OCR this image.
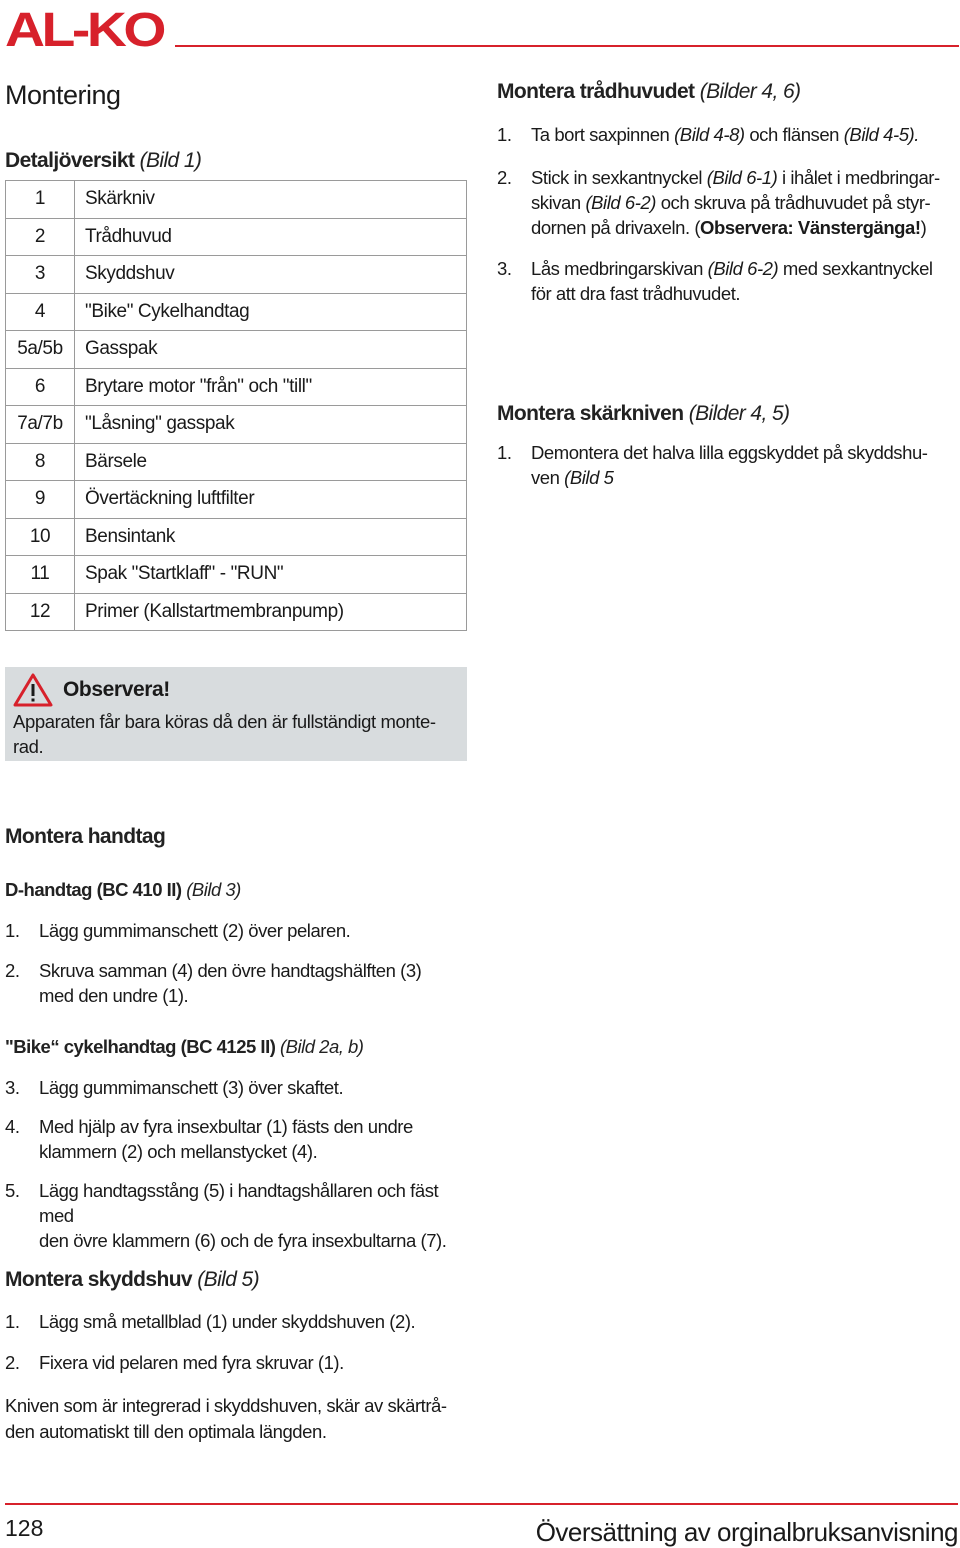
AL-KO
Montering
Detaljöversikt (Bild 1)
1	Skärkniv
2	Trådhuvud
3	Skyddshuv
4	"Bike" Cykelhandtag
5a/5b	Gasspak
6	Brytare motor "från" och "till"
7a/7b	"Låsning" gasspak
8	Bärsele
9	Övertäckning luftfilter
10	Bensintank
11	Spak "Startklaff" - "RUN"
12	Primer (Kallstartmembranpump)
Observera!
Apparaten får bara köras då den är fullständigt monte-
rad.
Montera handtag
D-handtag (BC 410 II) (Bild 3)
1. Lägg gummimanschett (2) över pelaren.
2. Skruva samman (4) den övre handtagshälften (3)
med den undre (1).
"Bike“ cykelhandtag (BC 4125 II) (Bild 2a, b)
3. Lägg gummimanschett (3) över skaftet.
4. Med hjälp av fyra insexbultar (1) fästs den undre
klammern (2) och mellanstycket (4).
5. Lägg handtagsstång (5) i handtagshållaren och fäst med
den övre klammern (6) och de fyra insexbultarna (7).
Montera skyddshuv (Bild 5)
1. Lägg små metallblad (1) under skyddshuven (2).
2. Fixera vid pelaren med fyra skruvar (1).
Kniven som är integrerad i skyddshuven, skär av skärtrå-
den automatiskt till den optimala längden.
Montera trådhuvudet (Bilder 4, 6)
1. Ta bort saxpinnen (Bild 4-8) och flänsen (Bild 4-5).
2. Stick in sexkantnyckel (Bild 6-1) i ihålet i medbringar-
skivan (Bild 6-2) och skruva på trådhuvudet på styr-
dornen på drivaxeln. (Observera: Vänstergänga!)
3. Lås medbringarskivan (Bild 6-2) med sexkantnyckel
för att dra fast trådhuvudet.
Montera skärkniven (Bilder 4, 5)
1. Demontera det halva lilla eggskyddet på skyddshu-
ven (Bild 5
128	Översättning av orginalbruksanvisning
